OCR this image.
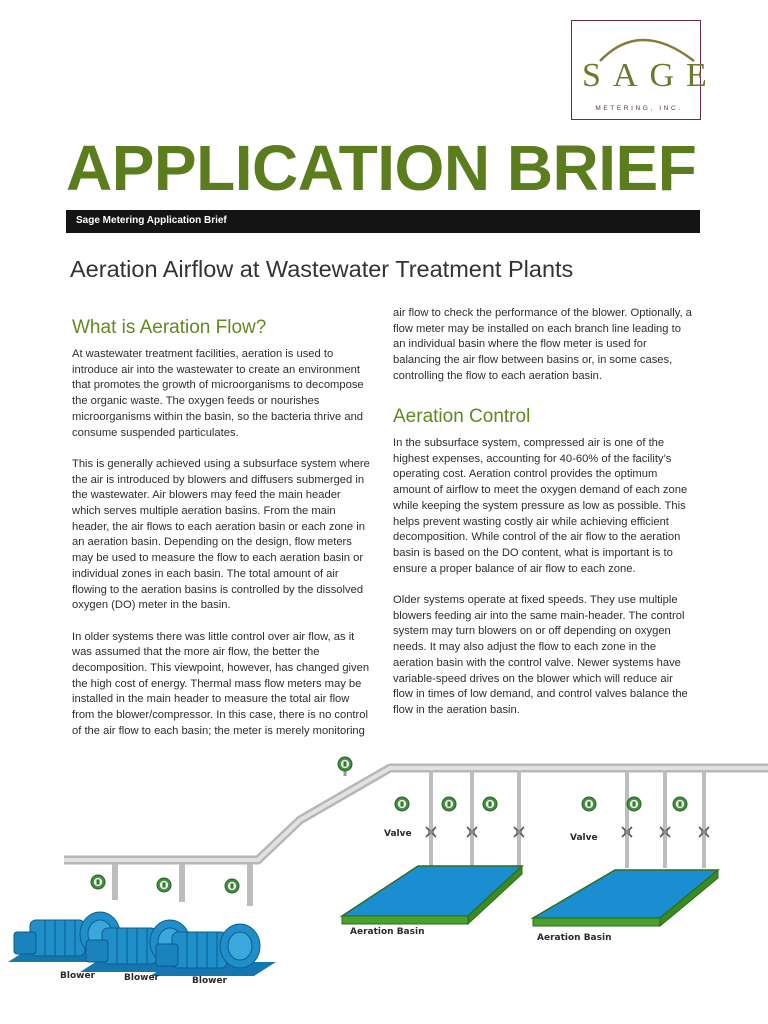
SAGE
METERING, INC.
APPLICATION BRIEF
Sage Metering Application Brief
Aeration Airflow at Wastewater Treatment Plants
What is Aeration Flow?

At wastewater treatment facilities, aeration is used to introduce air into the wastewater to create an environment that promotes the growth of microorganisms to decompose the organic waste. The oxygen feeds or nourishes microorganisms within the basin, so the bacteria thrive and consume suspended particulates.

This is generally achieved using a subsurface system where the air is introduced by blowers and diffusers submerged in the wastewater. Air blowers may feed the main header which serves multiple aeration basins. From the main header, the air flows to each aeration basin or each zone in an aeration basin. Depending on the design, flow meters may be used to measure the flow to each aeration basin or individual zones in each basin. The total amount of air flowing to the aeration basins is controlled by the dissolved oxygen (DO) meter in the basin.

In older systems there was little control over air flow, as it was assumed that the more air flow, the better the decomposition. This viewpoint, however, has changed given the high cost of energy. Thermal mass flow meters may be installed in the main header to measure the total air flow from the blower/compressor. In this case, there is no control of the air flow to each basin; the meter is merely monitoring

air flow to check the performance of the blower. Optionally, a flow meter may be installed on each branch line leading to an individual basin where the flow meter is used for balancing the air flow between basins or, in some cases, controlling the flow to each aeration basin.

Aeration Control

In the subsurface system, compressed air is one of the highest expenses, accounting for 40-60% of the facility’s operating cost. Aeration control provides the optimum amount of airflow to meet the oxygen demand of each zone while keeping the system pressure as low as possible. This helps prevent wasting costly air while achieving efficient decomposition. While control of the air flow to the aeration basin is based on the DO content, what is important is to ensure a proper balance of air flow to each zone.

Older systems operate at fixed speeds. They use multiple blowers feeding air into the same main-header. The control system may turn blowers on or off depending on oxygen needs. It may also adjust the flow to each zone in the aeration basin with the control valve. Newer systems have variable-speed drives on the blower which will reduce air flow in times of low demand, and control valves balance the flow in the aeration basin.

Valve	Valve
Aeration Basin
Aeration Basin
Blower	Blower	Blower
